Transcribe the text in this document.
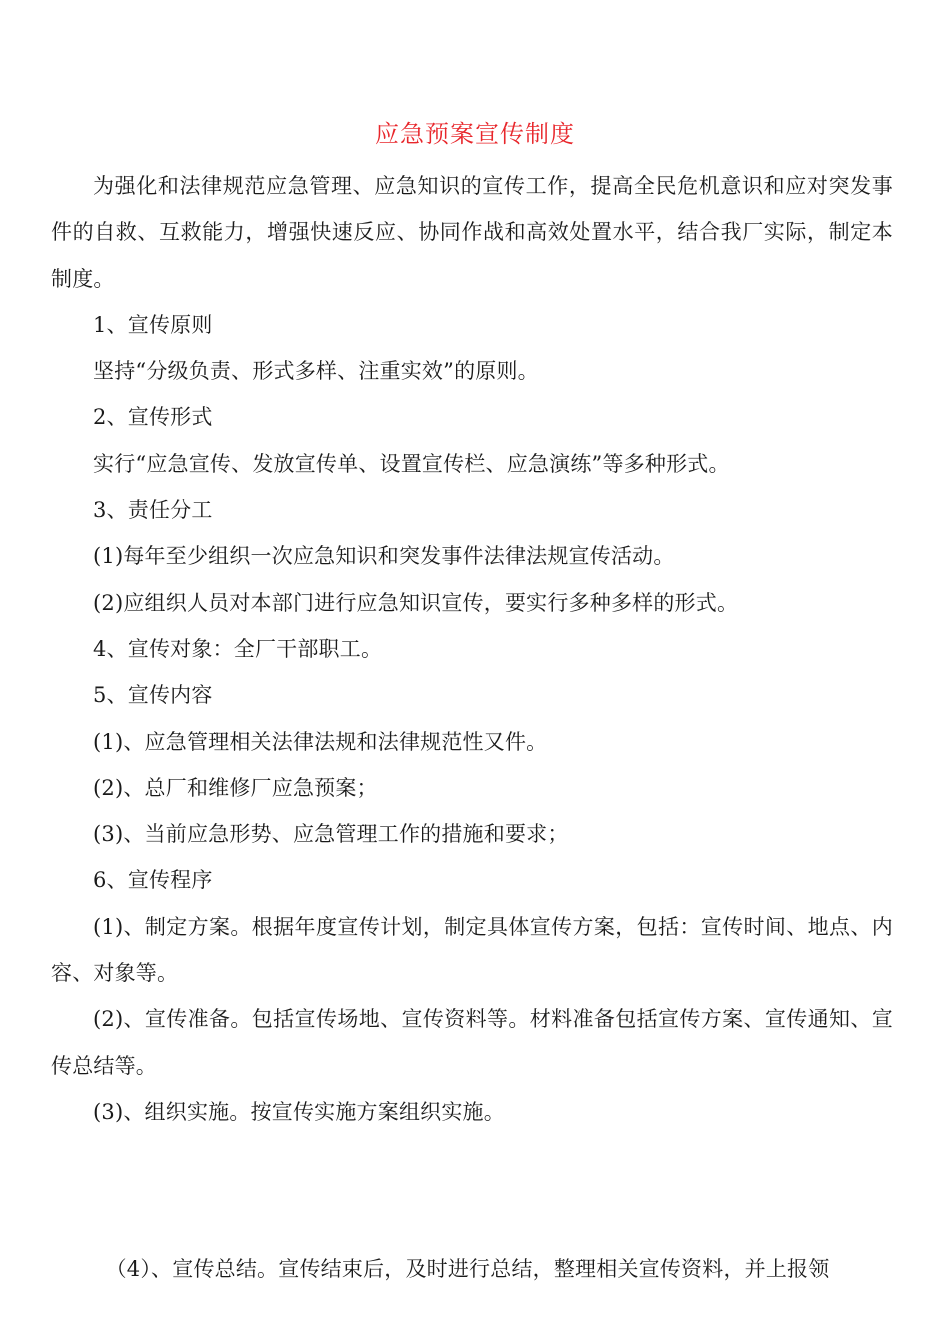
应急预案宣传制度

为强化和法律规范应急管理、应急知识的宣传工作，提高全民危机意识和应对突发事件的自救、互救能力，增强快速反应、协同作战和高效处置水平，结合我厂实际，制定本制度。

1、宣传原则

坚持“分级负责、形式多样、注重实效”的原则。

2、宣传形式

实行“应急宣传、发放宣传单、设置宣传栏、应急演练”等多种形式。

3、责任分工

(1)每年至少组织一次应急知识和突发事件法律法规宣传活动。

(2)应组织人员对本部门进行应急知识宣传，要实行多种多样的形式。

4、宣传对象：全厂干部职工。

5、宣传内容

(1)、应急管理相关法律法规和法律规范性又件。

(2)、总厂和维修厂应急预案；

(3)、当前应急形势、应急管理工作的措施和要求；

6、宣传程序

(1)、制定方案。根据年度宣传计划，制定具体宣传方案，包括：宣传时间、地点、内容、对象等。

(2)、宣传准备。包括宣传场地、宣传资料等。材料准备包括宣传方案、宣传通知、宣传总结等。

(3)、组织实施。按宣传实施方案组织实施。

（4）、宣传总结。宣传结束后，及时进行总结，整理相关宣传资料，并上报领
